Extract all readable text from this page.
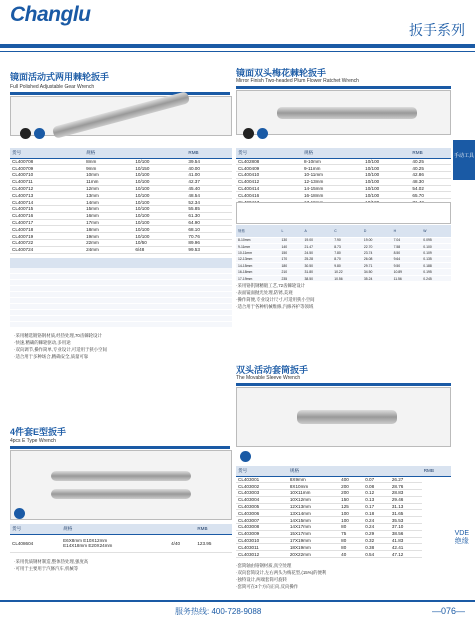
Changlu
扳手系列
手动工具
镜面活动式两用棘轮扳手
Full Polished Adjustable Gear Wrench
货号	规格		RMB
CL400708	8mm	10/100	39.54
CL400709	9mm	10/150	40.00
CL400710	10mm	10/100	41.00
CL400711	11mm	10/100	42.37
CL400712	12mm	10/100	45.40
CL400713	13mm	10/100	48.54
CL400714	14mm	10/100	52.34
CL400715	15mm	10/100	55.85
CL400716	16mm	10/100	61.30
CL400717	17mm	10/100	64.90
CL400718	18mm	10/100	68.10
CL400719	19mm	10/100	70.76
CL400722	22mm	10/50	89.96
CL400724	24mm	6/48	99.53
·采用精选镀铬钢材质,经热处理,70齿棘轮设计
·快速,精确的棘轮驱动,多用途
·双向调节,操作简单,专业设计,可适用于狭小空间
·适合用于多种场合,精确安全,质量可靠
镜面双头梅花棘轮扳手
Mirror Finish Two-headed Plum Flower Ratchet Wrench
货号	规格		RMB
CL402808	8-10mm	10/100	40.25
CL400409	9-11mm	10/100	40.25
CL400410	10-11mm	10/100	42.86
CL400412	12-13mm	10/100	48.30
CL400414	14-15mm	10/100	54.02
CL400416	16-18mm	10/100	65.70

规格	L	A	C	D	H	W
8-10mm	130	19.00	7.90	19.00	7.04	0.095
9-11mm	140	21.47	8.73	22.70	7.58	0.100
10-11mm	150	24.50	7.80	23.74	8.50	0.109
12-13mm	170	25.28	8.70	26.08	9.64	0.135
14-15mm	180	30.50	9.80	29.71	9.50	0.188
16-18mm	210	31.80	10.22	34.50	10.89	0.195
17-19mm	235	38.50	10.56	35.24	11.56	0.245
·采用铬钒钢精锻工艺,72齿棘轮设计
·表面镜面抛光处理,防锈,美观
·操作简便,专业设计尺寸,可适用狭小空间
·适合用于各种机械维修,汽修养护等领域
双头活动套筒扳手
The Movable Sleeve Wrench
货号	规格				RMB
CL403001	8X9mm	400	0.07	26.27	
CL403002	8X10mm	200	0.08	28.76	
CL403003	10X11mm	200	0.12	28.83	
CL403004	10X12mm	150	0.13	29.46	
CL403005	12X13mm	125	0.17	31.13	
CL403006	13X14mm	100	0.18	31.65	
CL403007	14X15mm	100	0.24	35.53	
CL403008	14X17mm	80	0.24	37.10	
CL403009	15X17mm	75	0.29	38.56	
CL403010	17X19mm	80	0.32	41.83	
CL403011	18X19mm	80	0.38	42.41	
CL403012	20X22mm	40	0.54	47.12	
·套筒轴由铬钢材质,真空处理
·双向套筒设计,左右两头为梅花型,(15%)的便利
·独特设计,两端套筒可旋转
·套筒可在3个方向正向,反向操作
4件套E型扳手
4pcs E Type Wrench
货号	规格		RMB
CL408604	E6X8mm E10X12mm
E14X18mm E20X24mm	4/40	123.95
·采用优质钢材制造,整体热处理,强度高
·可用于主要用于汽修汽车,机械等
VDE
绝缘
服务热线: 400-728-9088	—076—
